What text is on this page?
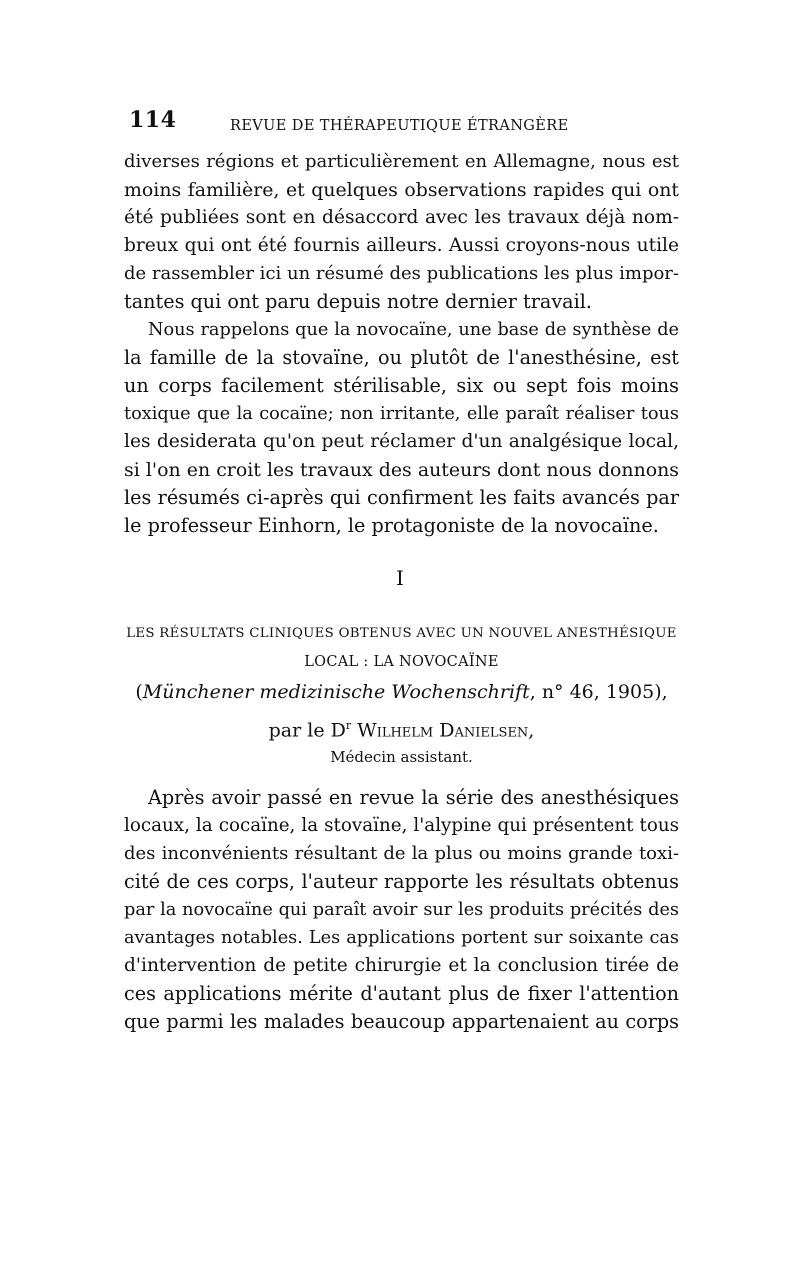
114	REVUE DE THÉRAPEUTIQUE ÉTRANGÈRE
diverses régions et particulièrement en Allemagne, nous est
moins familière, et quelques observations rapides qui ont
été publiées sont en désaccord avec les travaux déjà nom-
breux qui ont été fournis ailleurs. Aussi croyons-nous utile
de rassembler ici un résumé des publications les plus impor-
tantes qui ont paru depuis notre dernier travail.
Nous rappelons que la novocaïne, une base de synthèse de
la famille de la stovaïne, ou plutôt de l'anesthésine, est
un corps facilement stérilisable, six ou sept fois moins
toxique que la cocaïne; non irritante, elle paraît réaliser tous
les desiderata qu'on peut réclamer d'un analgésique local,
si l'on en croit les travaux des auteurs dont nous donnons
les résumés ci-après qui confirment les faits avancés par
le professeur Einhorn, le protagoniste de la novocaïne.
I
LES RÉSULTATS CLINIQUES OBTENUS AVEC UN NOUVEL ANESTHÉSIQUE
LOCAL : LA NOVOCAÏNE
(Münchener medizinische Wochenschrift, n° 46, 1905),
par le $D^r$ Wilhelm Danielsen,
Médecin assistant.
Après avoir passé en revue la série des anesthésiques
locaux, la cocaïne, la stovaïne, l'alypine qui présentent tous
des inconvénients résultant de la plus ou moins grande toxi-
cité de ces corps, l'auteur rapporte les résultats obtenus
par la novocaïne qui paraît avoir sur les produits précités des
avantages notables. Les applications portent sur soixante cas
d'intervention de petite chirurgie et la conclusion tirée de
ces applications mérite d'autant plus de fixer l'attention
que parmi les malades beaucoup appartenaient au corps
